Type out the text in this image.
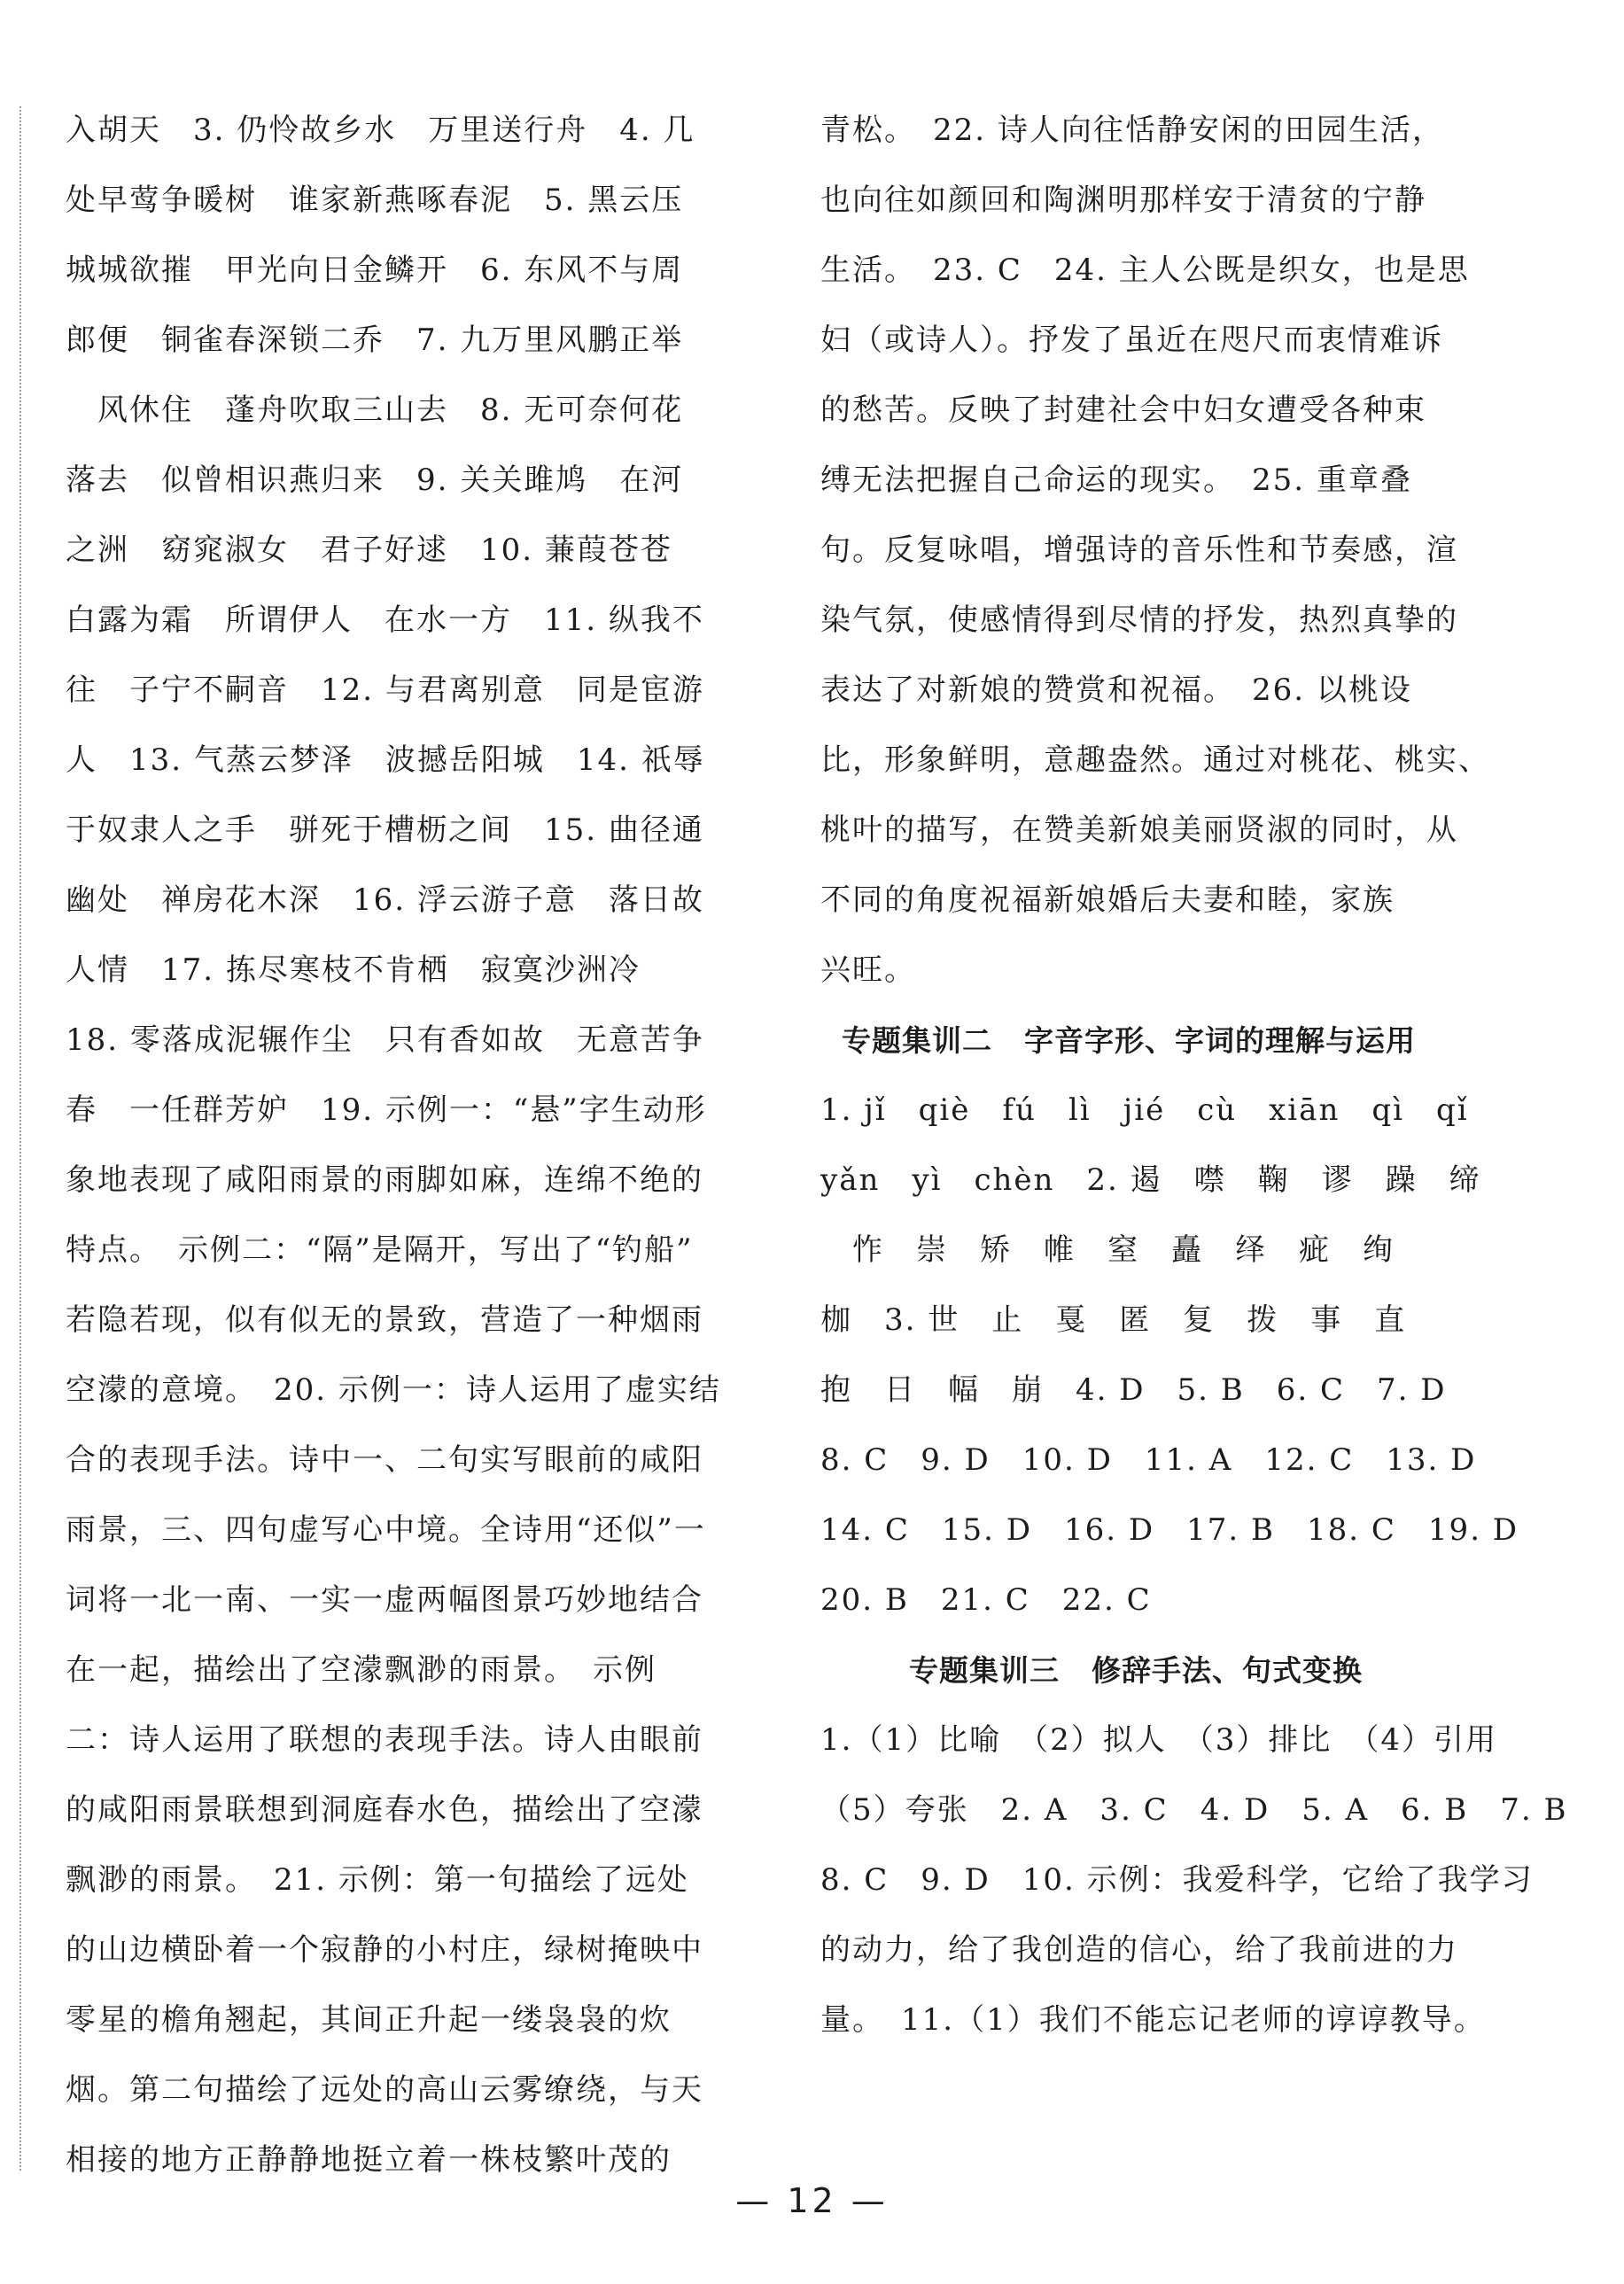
入胡天　3. 仍怜故乡水　万里送行舟　4. 几
处早莺争暖树　谁家新燕啄春泥　5. 黑云压
城城欲摧　甲光向日金鳞开　6. 东风不与周
郎便　铜雀春深锁二乔　7. 九万里风鹏正举
　风休住　蓬舟吹取三山去　8. 无可奈何花
落去　似曾相识燕归来　9. 关关雎鸠　在河
之洲　窈窕淑女　君子好逑　10. 蒹葭苍苍
白露为霜　所谓伊人　在水一方　11. 纵我不
往　子宁不嗣音　12. 与君离别意　同是宦游
人　13. 气蒸云梦泽　波撼岳阳城　14. 祇辱
于奴隶人之手　骈死于槽枥之间　15. 曲径通
幽处　禅房花木深　16. 浮云游子意　落日故
人情　17. 拣尽寒枝不肯栖　寂寞沙洲冷
18. 零落成泥辗作尘　只有香如故　无意苦争
春　一任群芳妒　19. 示例一：“悬”字生动形
象地表现了咸阳雨景的雨脚如麻，连绵不绝的
特点。　示例二：“隔”是隔开，写出了“钓船”
若隐若现，似有似无的景致，营造了一种烟雨
空濛的意境。　20. 示例一：诗人运用了虚实结
合的表现手法。诗中一、二句实写眼前的咸阳
雨景，三、四句虚写心中境。全诗用“还似”一
词将一北一南、一实一虚两幅图景巧妙地结合
在一起，描绘出了空濛飘渺的雨景。　示例
二：诗人运用了联想的表现手法。诗人由眼前
的咸阳雨景联想到洞庭春水色，描绘出了空濛
飘渺的雨景。　21. 示例：第一句描绘了远处
的山边横卧着一个寂静的小村庄，绿树掩映中
零星的檐角翘起，其间正升起一缕袅袅的炊
烟。第二句描绘了远处的高山云雾缭绕，与天
相接的地方正静静地挺立着一株枝繁叶茂的
青松。　22. 诗人向往恬静安闲的田园生活，
也向往如颜回和陶渊明那样安于清贫的宁静
生活。　23. C　24. 主人公既是织女，也是思
妇（或诗人）。抒发了虽近在咫尺而衷情难诉
的愁苦。反映了封建社会中妇女遭受各种束
缚无法把握自己命运的现实。　25. 重章叠
句。反复咏唱，增强诗的音乐性和节奏感，渲
染气氛，使感情得到尽情的抒发，热烈真挚的
表达了对新娘的赞赏和祝福。　26. 以桃设
比，形象鲜明，意趣盎然。通过对桃花、桃实、
桃叶的描写，在赞美新娘美丽贤淑的同时，从
不同的角度祝福新娘婚后夫妻和睦，家族
兴旺。
专题集训二 字音字形、字词的理解与运用
1. jǐ　qiè　fú　lì　jié　cù　xiān　qì　qǐ
yǎn　yì　chèn　2. 遏　噤　鞠　谬　躁　缔
　怍　崇　矫　帷　窒　矗　绎　疵　绚
枷　3. 世　止　戛　匿　复　拨　事　直
抱　日　幅　崩　4. D　5. B　6. C　7. D
8. C　9. D　10. D　11. A　12. C　13. D
14. C　15. D　16. D　17. B　18. C　19. D
20. B　21. C　22. C
专题集训三 修辞手法、句式变换
1.（1）比喻　（2）拟人　（3）排比　（4）引用
（5）夸张　2. A　3. C　4. D　5. A　6. B　7. B
8. C　9. D　10. 示例：我爱科学，它给了我学习
的动力，给了我创造的信心，给了我前进的力
量。　11.（1）我们不能忘记老师的谆谆教导。
— 12 —
